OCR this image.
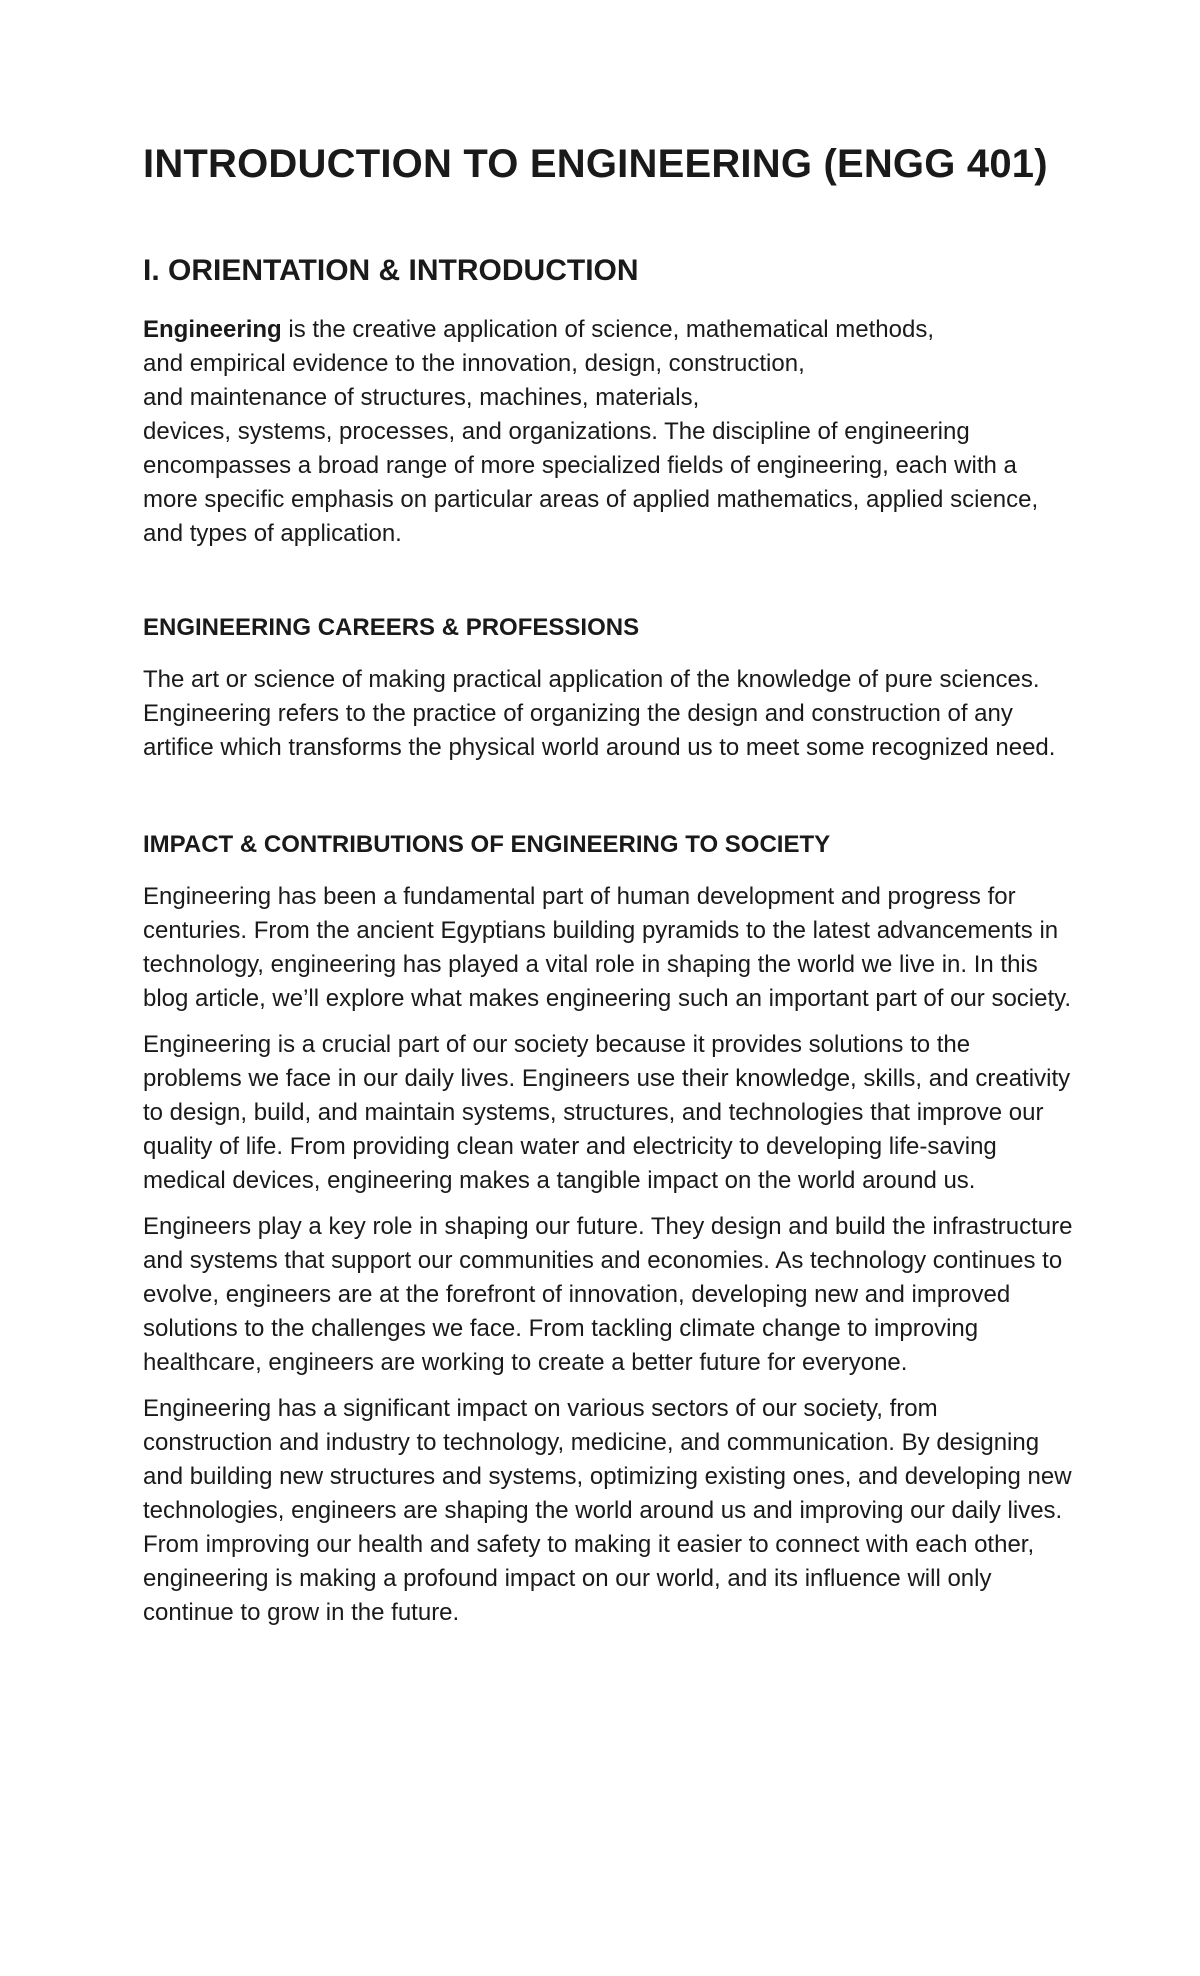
INTRODUCTION TO ENGINEERING (ENGG 401)
I. ORIENTATION & INTRODUCTION

Engineering is the creative application of science, mathematical methods,
and empirical evidence to the innovation, design, construction,
and maintenance of structures, machines, materials,
devices, systems, processes, and organizations. The discipline of engineering encompasses a broad range of more specialized fields of engineering, each with a more specific emphasis on particular areas of applied mathematics, applied science, and types of application.

ENGINEERING CAREERS & PROFESSIONS

The art or science of making practical application of the knowledge of pure sciences. Engineering refers to the practice of organizing the design and construction of any artifice which transforms the physical world around us to meet some recognized need.

IMPACT & CONTRIBUTIONS OF ENGINEERING TO SOCIETY

Engineering has been a fundamental part of human development and progress for centuries. From the ancient Egyptians building pyramids to the latest advancements in technology, engineering has played a vital role in shaping the world we live in. In this blog article, we’ll explore what makes engineering such an important part of our society.

Engineering is a crucial part of our society because it provides solutions to the problems we face in our daily lives. Engineers use their knowledge, skills, and creativity to design, build, and maintain systems, structures, and technologies that improve our quality of life. From providing clean water and electricity to developing life-saving medical devices, engineering makes a tangible impact on the world around us.

Engineers play a key role in shaping our future. They design and build the infrastructure and systems that support our communities and economies. As technology continues to evolve, engineers are at the forefront of innovation, developing new and improved solutions to the challenges we face. From tackling climate change to improving healthcare, engineers are working to create a better future for everyone.

Engineering has a significant impact on various sectors of our society, from construction and industry to technology, medicine, and communication. By designing and building new structures and systems, optimizing existing ones, and developing new technologies, engineers are shaping the world around us and improving our daily lives. From improving our health and safety to making it easier to connect with each other, engineering is making a profound impact on our world, and its influence will only continue to grow in the future.
